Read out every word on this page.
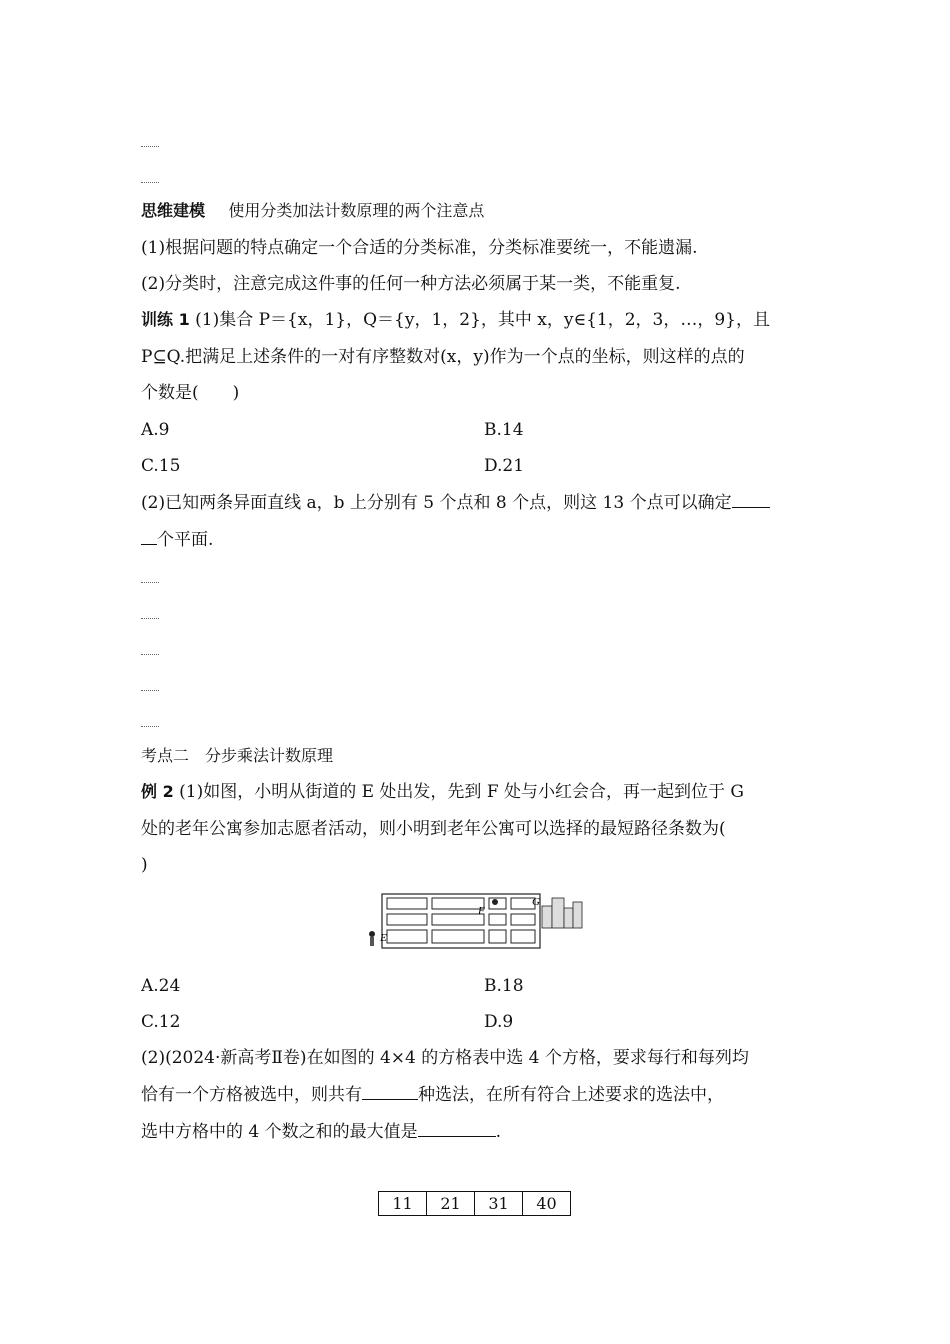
思维建模 使用分类加法计数原理的两个注意点
(1)根据问题的特点确定一个合适的分类标准，分类标准要统一，不能遗漏.
(2)分类时，注意完成这件事的任何一种方法必须属于某一类，不能重复.
训练 1 (1)集合 P＝{x，1}，Q＝{y，1，2}，其中 x，y∈{1，2，3，…，9}，且
P⊆Q.把满足上述条件的一对有序整数对(x，y)作为一个点的坐标，则这样的点的
个数是(　　)
A.9	B.14
C.15	D.21
(2)已知两条异面直线 a，b 上分别有 5 个点和 8 个点，则这 13 个点可以确定
个平面.
考点二　分步乘法计数原理
例 2 (1)如图，小明从街道的 E 处出发，先到 F 处与小红会合，再一起到位于 G
处的老年公寓参加志愿者活动，则小明到老年公寓可以选择的最短路径条数为(
)
F
G
E
A.24	B.18
C.12	D.9
(2)(2024·新高考Ⅱ卷)在如图的 4×4 的方格表中选 4 个方格，要求每行和每列均
恰有一个方格被选中，则共有	种选法，在所有符合上述要求的选法中，
选中方格中的 4 个数之和的最大值是	.
11	21	31	40
